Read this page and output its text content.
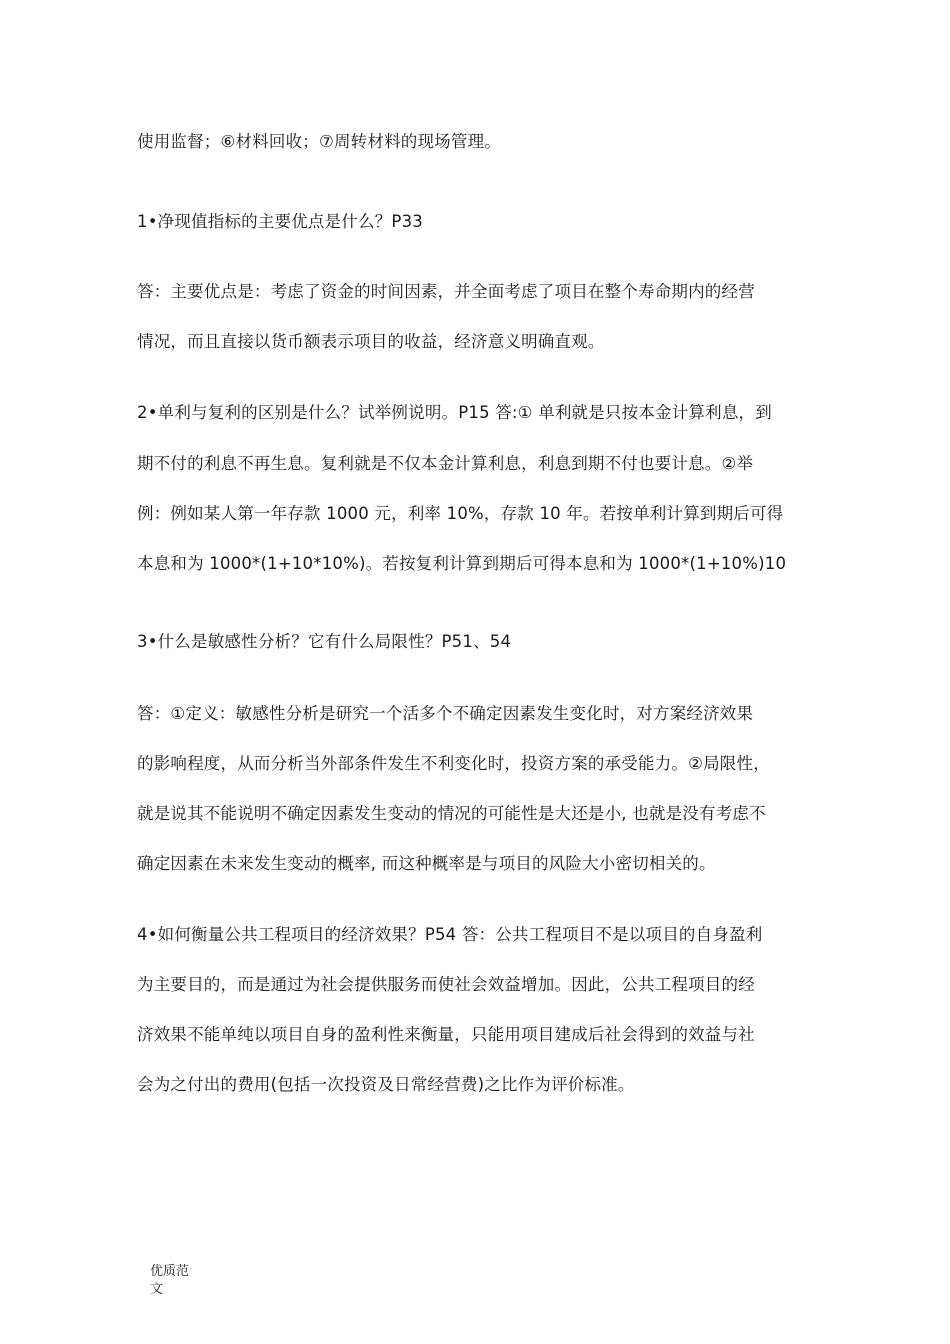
使用监督；⑥材料回收；⑦周转材料的现场管理。
1•净现值指标的主要优点是什么？P33
答：主要优点是：考虑了资金的时间因素，并全面考虑了项目在整个寿命期内的经营
情况，而且直接以货币额表示项目的收益，经济意义明确直观。
2•单利与复利的区别是什么？试举例说明。P15 答:① 单利就是只按本金计算利息，到
期不付的利息不再生息。复利就是不仅本金计算利息，利息到期不付也要计息。②举
例：例如某人第一年存款 1000 元，利率 10%，存款 10 年。若按单利计算到期后可得
本息和为 1000*(1+10*10%)。若按复利计算到期后可得本息和为 1000*(1+10%)10
3•什么是敏感性分析？它有什么局限性？P51、54
答：①定义：敏感性分析是研究一个活多个不确定因素发生变化时，对方案经济效果
的影响程度，从而分析当外部条件发生不利变化时，投资方案的承受能力。②局限性，
就是说其不能说明不确定因素发生变动的情况的可能性是大还是小, 也就是没有考虑不
确定因素在未来发生变动的概率, 而这种概率是与项目的风险大小密切相关的。
4•如何衡量公共工程项目的经济效果？P54 答：公共工程项目不是以项目的自身盈利
为主要目的，而是通过为社会提供服务而使社会效益增加。因此，公共工程项目的经
济效果不能单纯以项目自身的盈利性来衡量，只能用项目建成后社会得到的效益与社
会为之付出的费用(包括一次投资及日常经营费)之比作为评价标准。
优质范
文
